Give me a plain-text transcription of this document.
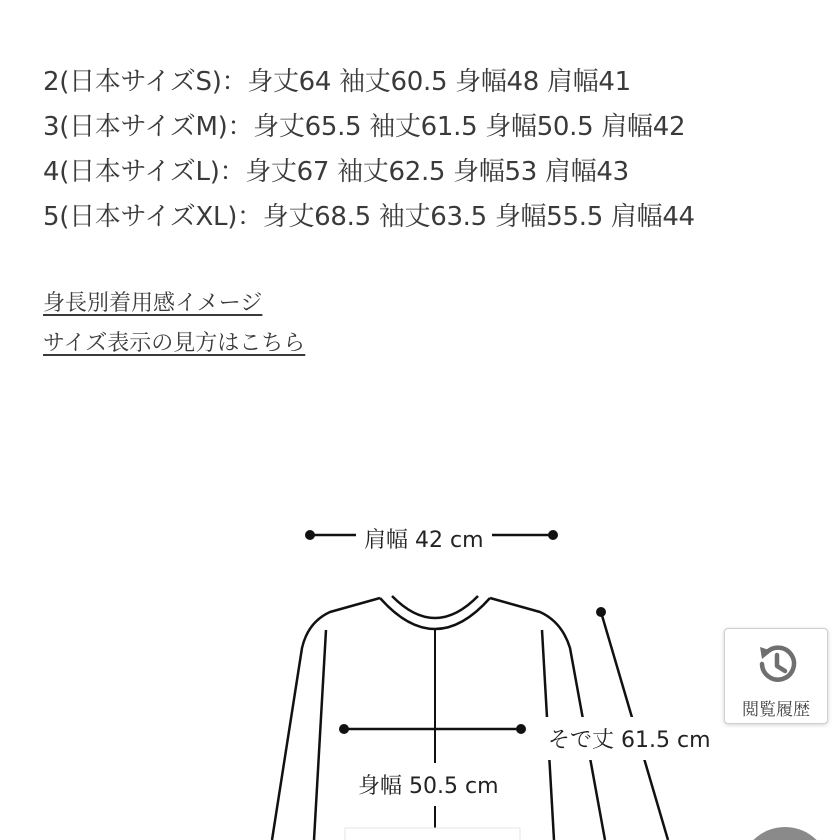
2(日本サイズS)：身丈64 袖丈60.5 身幅48 肩幅41
3(日本サイズM)：身丈65.5 袖丈61.5 身幅50.5 肩幅42
4(日本サイズL)：身丈67 袖丈62.5 身幅53 肩幅43
5(日本サイズXL)：身丈68.5 袖丈63.5 身幅55.5 肩幅44
身長別着用感イメージ
サイズ表示の見方はこちら
肩幅 42 cm
身幅 50.5 cm
そで丈 61.5 cm
閲覧履歴
